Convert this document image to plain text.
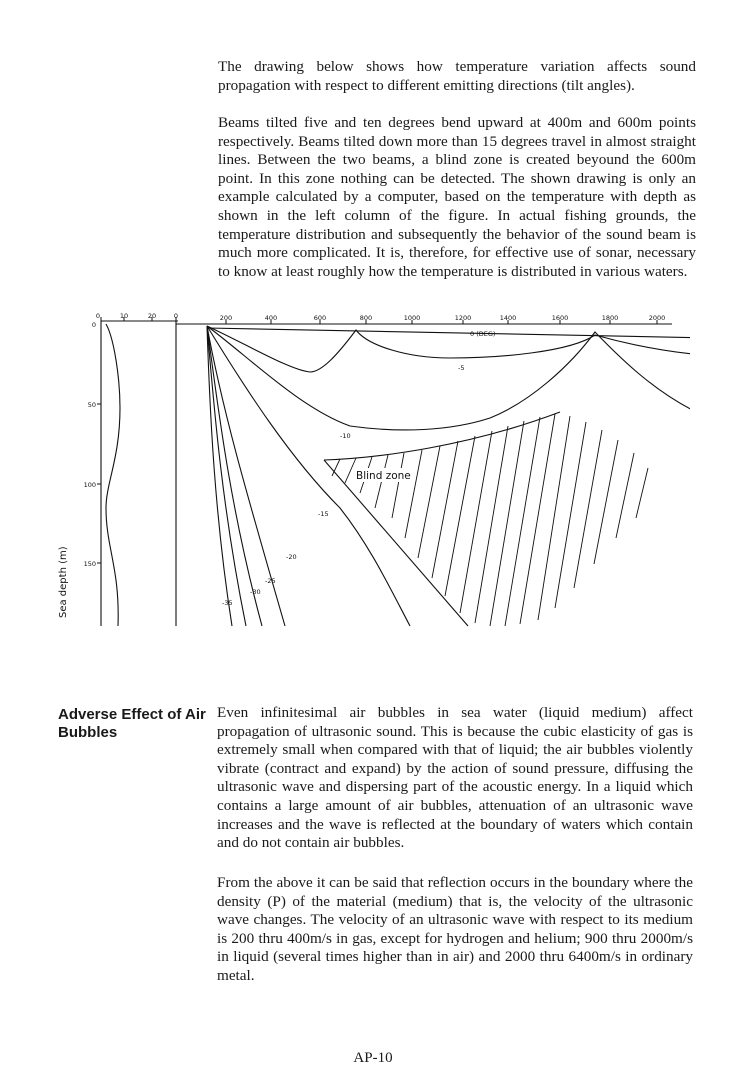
The drawing below shows how temperature variation affects sound propagation with respect to different emitting directions (tilt angles).

Beams tilted five and ten degrees bend upward at 400m and 600m points respectively. Beams tilted down more than 15 degrees travel in almost straight lines. Between the two beams, a blind zone is created beyound the 600m point. In this zone nothing can be detected. The shown drawing is only an example calculated by a computer, based on the temperature with depth as shown in the left column of the figure. In actual fishing grounds, the temperature distribution and subsequently the behavior of the sound beam is much more complicated. It is, therefore, for effective use of sonar, necessary to know at least roughly how the temperature is distributed in various waters.

0	10	20	0	200	400	600	800	1000	1200	1400	1600	1800	2000
0
50
100
150
0 (DEG)
-5
-10
-15
-20
-25
-30
-35
Blind zone
Sea depth (m)
Adverse Effect of Air Bubbles

Even infinitesimal air bubbles in sea water (liquid medium) affect propagation of ultrasonic sound. This is because the cubic elasticity of gas is extremely small when compared with that of liquid; the air bubbles violently vibrate (contract and expand) by the action of sound pressure, diffusing the ultrasonic wave and dispersing part of the acoustic energy. In a liquid which contains a large amount of air bubbles, attenuation of an ultrasonic wave increases and the wave is reflected at the boundary of waters which contain and do not contain air bubbles.

From the above it can be said that reflection occurs in the boundary where the density (P) of the material (medium) that is, the velocity of the ultrasonic wave changes. The velocity of an ultrasonic wave with respect to its medium is 200 thru 400m/s in gas, except for hydrogen and helium; 900 thru 2000m/s in liquid (several times higher than in air) and 2000 thru 6400m/s in ordinary metal.

AP-10
